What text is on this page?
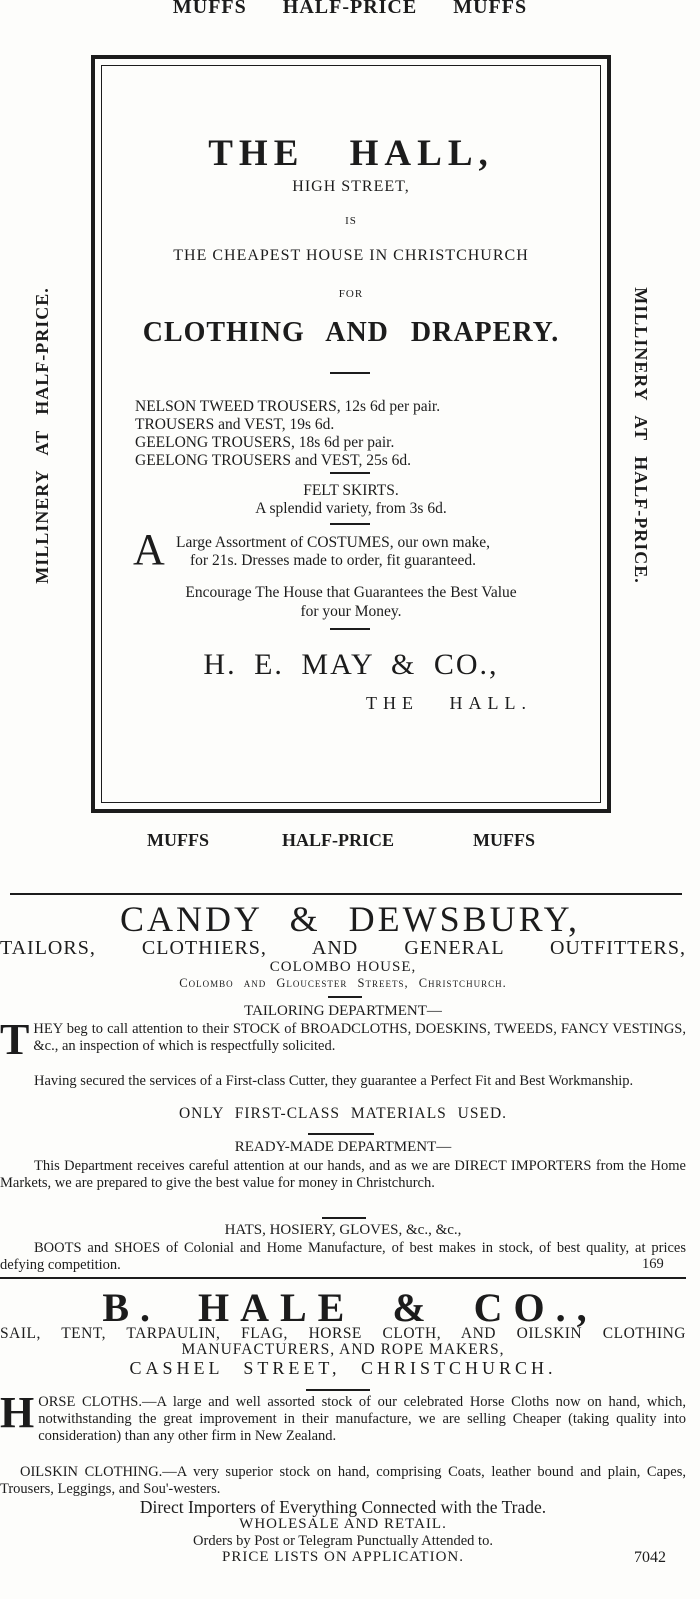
MUFFS HALF-PRICE MUFFS
MILLINERY AT HALF-PRICE.	MILLINERY AT HALF-PRICE.
THE HALL,
HIGH STREET,
IS
THE CHEAPEST HOUSE IN CHRISTCHURCH
FOR
CLOTHING AND DRAPERY.
NELSON TWEED TROUSERS, 12s 6d per pair.
TROUSERS and VEST, 19s 6d.
GEELONG TROUSERS, 18s 6d per pair.
GEELONG TROUSERS and VEST, 25s 6d.
FELT SKIRTS.
A splendid variety, from 3s 6d.
A Large Assortment of COSTUMES, our own make,
for 21s. Dresses made to order, fit guaranteed.
Encourage The House that Guarantees the Best Value
for your Money.
H. E. MAY & CO.,
THE HALL.
MUFFS	HALF-PRICE	MUFFS
CANDY & DEWSBURY,
TAILORS, CLOTHIERS, AND GENERAL OUTFITTERS,
COLOMBO HOUSE,
Colombo and Gloucester Streets, Christchurch.
TAILORING DEPARTMENT—
THEY beg to call attention to their STOCK of BROADCLOTHS, DOESKINS, TWEEDS, FANCY VESTINGS, &c., an inspection of which is respectfully solicited.
Having secured the services of a First-class Cutter, they guarantee a Perfect Fit and Best Workmanship.
ONLY FIRST-CLASS MATERIALS USED.
READY-MADE DEPARTMENT—
This Department receives careful attention at our hands, and as we are DIRECT IMPORTERS from the Home Markets, we are prepared to give the best value for money in Christchurch.
HATS, HOSIERY, GLOVES, &c., &c.,
BOOTS and SHOES of Colonial and Home Manufacture, of best makes in stock, of best quality, at prices defying competition.	169
B. HALE & CO.,
SAIL, TENT, TARPAULIN, FLAG, HORSE CLOTH, AND OILSKIN CLOTHING
MANUFACTURERS, AND ROPE MAKERS,
CASHEL STREET, CHRISTCHURCH.
HORSE CLOTHS.—A large and well assorted stock of our celebrated Horse Cloths now on hand, which, notwithstanding the great improvement in their manufacture, we are selling Cheaper (taking quality into consideration) than any other firm in New Zealand.
OILSKIN CLOTHING.—A very superior stock on hand, comprising Coats, leather bound and plain, Capes, Trousers, Leggings, and Sou'-westers.
Direct Importers of Everything Connected with the Trade.
WHOLESALE AND RETAIL.
Orders by Post or Telegram Punctually Attended to.
PRICE LISTS ON APPLICATION.	7042
